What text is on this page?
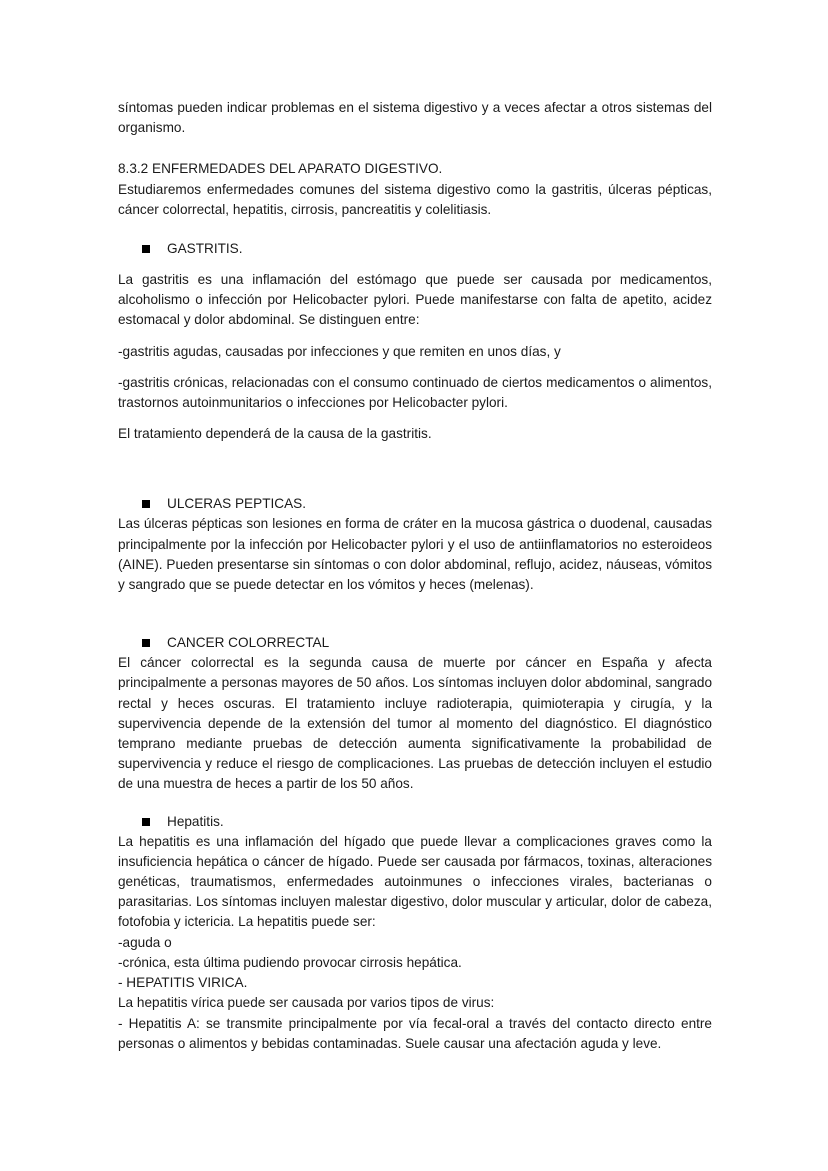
síntomas pueden indicar problemas en el sistema digestivo y a veces afectar a otros sistemas del organismo.

8.3.2 ENFERMEDADES DEL APARATO DIGESTIVO.

Estudiaremos enfermedades comunes del sistema digestivo como la gastritis, úlceras pépticas, cáncer colorrectal, hepatitis, cirrosis, pancreatitis y colelitiasis.

GASTRITIS.

La gastritis es una inflamación del estómago que puede ser causada por medicamentos, alcoholismo o infección por Helicobacter pylori. Puede manifestarse con falta de apetito, acidez estomacal y dolor abdominal. Se distinguen entre:

-gastritis agudas, causadas por infecciones y que remiten en unos días, y

-gastritis crónicas, relacionadas con el consumo continuado de ciertos medicamentos o alimentos, trastornos autoinmunitarios o infecciones por Helicobacter pylori.

El tratamiento dependerá de la causa de la gastritis.

ULCERAS PEPTICAS.

Las úlceras pépticas son lesiones en forma de cráter en la mucosa gástrica o duodenal, causadas principalmente por la infección por Helicobacter pylori y el uso de antiinflamatorios no esteroideos (AINE). Pueden presentarse sin síntomas o con dolor abdominal, reflujo, acidez, náuseas, vómitos y sangrado que se puede detectar en los vómitos y heces (melenas).

CANCER COLORRECTAL

El cáncer colorrectal es la segunda causa de muerte por cáncer en España y afecta principalmente a personas mayores de 50 años. Los síntomas incluyen dolor abdominal, sangrado rectal y heces oscuras. El tratamiento incluye radioterapia, quimioterapia y cirugía, y la supervivencia depende de la extensión del tumor al momento del diagnóstico. El diagnóstico temprano mediante pruebas de detección aumenta significativamente la probabilidad de supervivencia y reduce el riesgo de complicaciones. Las pruebas de detección incluyen el estudio de una muestra de heces a partir de los 50 años.

Hepatitis.

La hepatitis es una inflamación del hígado que puede llevar a complicaciones graves como la insuficiencia hepática o cáncer de hígado. Puede ser causada por fármacos, toxinas, alteraciones genéticas, traumatismos, enfermedades autoinmunes o infecciones virales, bacterianas o parasitarias. Los síntomas incluyen malestar digestivo, dolor muscular y articular, dolor de cabeza, fotofobia y ictericia. La hepatitis puede ser:

-aguda o

-crónica, esta última pudiendo provocar cirrosis hepática.

- HEPATITIS VIRICA.

La hepatitis vírica puede ser causada por varios tipos de virus:

- Hepatitis A: se transmite principalmente por vía fecal-oral a través del contacto directo entre personas o alimentos y bebidas contaminadas. Suele causar una afectación aguda y leve.
